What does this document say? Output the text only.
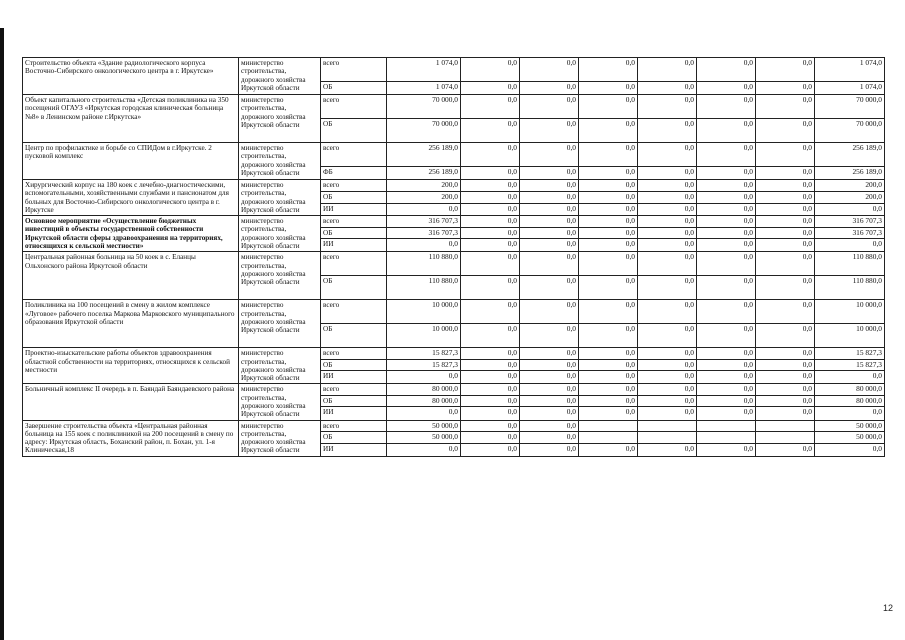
Строительство объекта «Здание радиологического корпуса Восточно-Сибирского онкологического центра в г. Иркутске»	министерство строительства, дорожного хозяйства Иркутской области	всего	1 074,0	0,0	0,0	0,0	0,0	0,0	0,0	1 074,0
		ОБ	1 074,0	0,0	0,0	0,0	0,0	0,0	0,0	1 074,0
Объект капитального строительства «Детская поликлиника на 350 посещений ОГАУЗ «Иркутская городская клиническая больница №8» в Ленинском районе г.Иркутска»	министерство строительства, дорожного хозяйства Иркутской области	всего	70 000,0	0,0	0,0	0,0	0,0	0,0	0,0	70 000,0
		ОБ	70 000,0	0,0	0,0	0,0	0,0	0,0	0,0	70 000,0
Центр по профилактике и борьбе со СПИДом в г.Иркутске. 2 пусковой комплекс	министерство строительства, дорожного хозяйства Иркутской области	всего	256 189,0	0,0	0,0	0,0	0,0	0,0	0,0	256 189,0
		ФБ	256 189,0	0,0	0,0	0,0	0,0	0,0	0,0	256 189,0
Хирургический корпус на 180 коек с лечебно-диагностическими, вспомогательными, хозяйственными службами и пансионатом для больных для Восточно-Сибирского онкологического центра в г. Иркутске	министерство строительства, дорожного хозяйства Иркутской области	всего	200,0	0,0	0,0	0,0	0,0	0,0	0,0	200,0
		ОБ	200,0	0,0	0,0	0,0	0,0	0,0	0,0	200,0
		ИИ	0,0	0,0	0,0	0,0	0,0	0,0	0,0	0,0
Основное мероприятие «Осуществление бюджетных инвестиций в объекты государственной собственности Иркутской области сферы здравоохранения на территориях, относящихся к сельской местности»	министерство строительства, дорожного хозяйства Иркутской области	всего	316 707,3	0,0	0,0	0,0	0,0	0,0	0,0	316 707,3
		ОБ	316 707,3	0,0	0,0	0,0	0,0	0,0	0,0	316 707,3
		ИИ	0,0	0,0	0,0	0,0	0,0	0,0	0,0	0,0
Центральная районная больница на 50 коек в с. Еланцы Ольхонского района Иркутской области	министерство строительства, дорожного хозяйства Иркутской области	всего	110 880,0	0,0	0,0	0,0	0,0	0,0	0,0	110 880,0
		ОБ	110 880,0	0,0	0,0	0,0	0,0	0,0	0,0	110 880,0
Поликлиника на 100 посещений в смену в жилом комплексе «Луговое» рабочего поселка Маркова Марковского муниципального образования Иркутской области	министерство строительства, дорожного хозяйства Иркутской области	всего	10 000,0	0,0	0,0	0,0	0,0	0,0	0,0	10 000,0
		ОБ	10 000,0	0,0	0,0	0,0	0,0	0,0	0,0	10 000,0
Проектно-изыскательские работы объектов здравоохранения областной собственности на территориях, относящихся к сельской местности	министерство строительства, дорожного хозяйства Иркутской области	всего	15 827,3	0,0	0,0	0,0	0,0	0,0	0,0	15 827,3
		ОБ	15 827,3	0,0	0,0	0,0	0,0	0,0	0,0	15 827,3
		ИИ	0,0	0,0	0,0	0,0	0,0	0,0	0,0	0,0
Больничный комплекс II очередь в п. Баяндай Баяндаевского района	министерство строительства, дорожного хозяйства Иркутской области	всего	80 000,0	0,0	0,0	0,0	0,0	0,0	0,0	80 000,0
		ОБ	80 000,0	0,0	0,0	0,0	0,0	0,0	0,0	80 000,0
		ИИ	0,0	0,0	0,0	0,0	0,0	0,0	0,0	0,0
Завершение строительства объекта «Центральная районная больница на 155 коек с поликлиникой на 200 посещений в смену по адресу: Иркутская область, Боханский район, п. Бохан, ул. 1-я Клиническая,18	министерство строительства, дорожного хозяйства Иркутской области	всего	50 000,0	0,0	0,0					50 000,0
		ОБ	50 000,0	0,0	0,0					50 000,0
		ИИ	0,0	0,0	0,0	0,0	0,0	0,0	0,0	0,0
12
